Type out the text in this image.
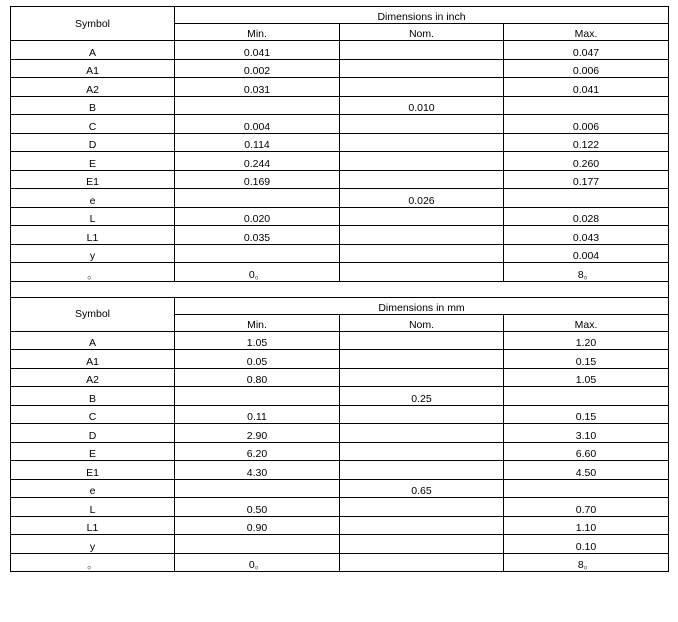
Symbol	Dimensions in inch		
	Min.	Nom.	Max.
A	0.041		0.047
A1	0.002		0.006
A2	0.031		0.041
B		0.010	
C	0.004		0.006
D	0.114		0.122
E	0.244		0.260
E1	0.169		0.177
e		0.026	
L	0.020		0.028
L1	0.035		0.043
y			0.004
。	0。		8。

Symbol	Dimensions in mm		
	Min.	Nom.	Max.
A	1.05		1.20
A1	0.05		0.15
A2	0.80		1.05
B		0.25	
C	0.11		0.15
D	2.90		3.10
E	6.20		6.60
E1	4.30		4.50
e		0.65	
L	0.50		0.70
L1	0.90		1.10
y			0.10
。	0。		8。
